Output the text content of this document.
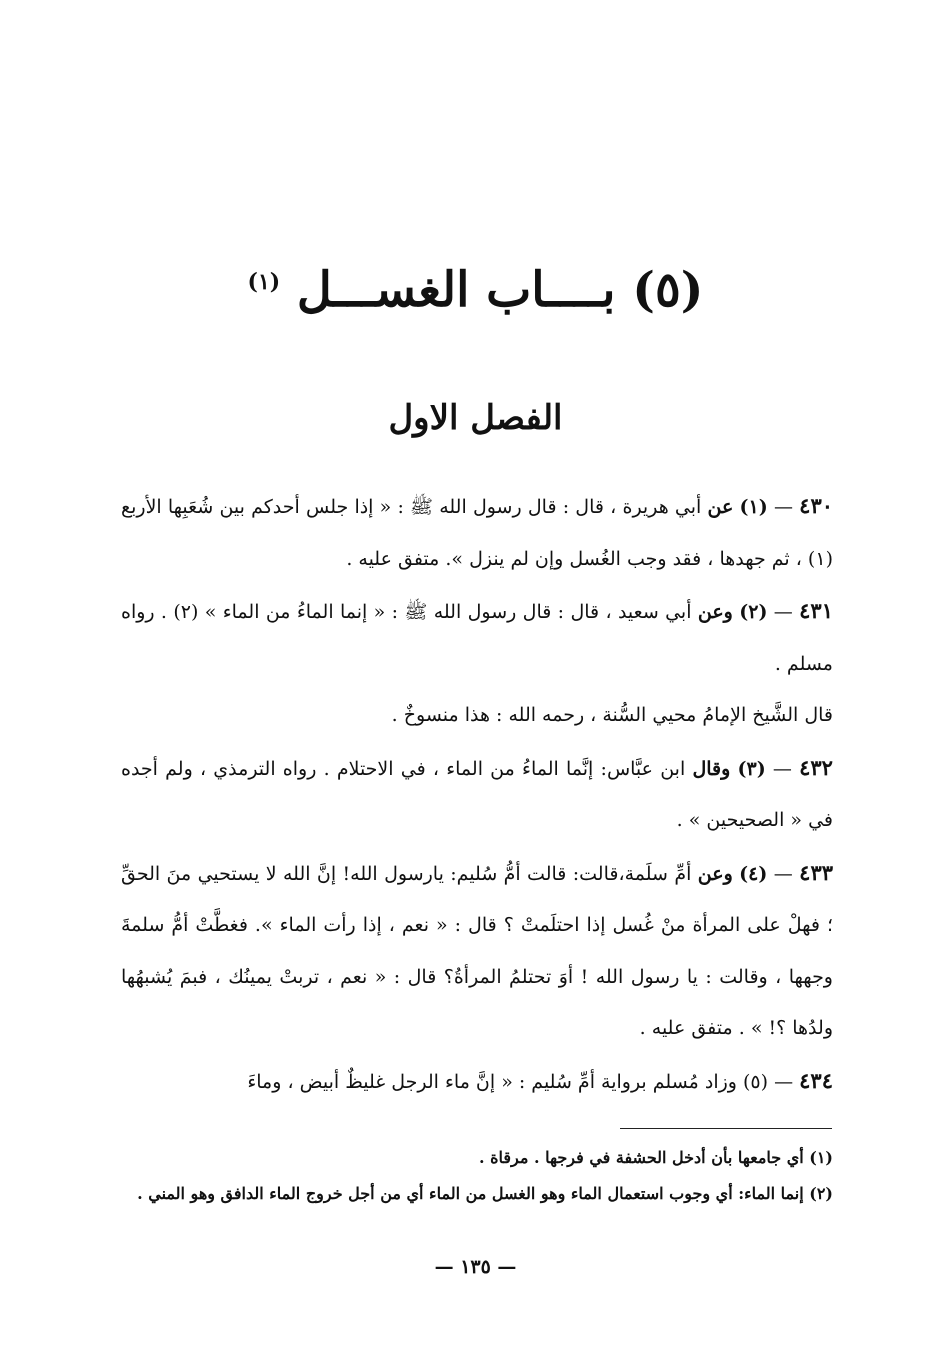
(٥) بــــاب الغســـل $^{(١)}$
الفصل الاول

٤٣٠ — (١) عن أبي هريرة ، قال : قال رسول الله ﷺ : « إذا جلس أحدكم بين شُعَبِها الأربع (١) ، ثم جهدها ، فقد وجب الغُسل وإن لم ينزل ». متفق عليه .

٤٣١ — (٢) وعن أبي سعيد ، قال : قال رسول الله ﷺ : « إنما الماءُ من الماء » (٢) . رواه مسلم .

قال الشَّيخ الإمامُ محيي السُّنة ، رحمه الله : هذا منسوخٌ .

٤٣٢ — (٣) وقال ابن عبَّاس: إنَّما الماءُ من الماء ، في الاحتلام . رواه الترمذي ، ولم أجده في « الصحيحين » .

٤٣٣ — (٤) وعن أمِّ سلَمة،قالت: قالت أمُّ سُليم: يارسول الله! إنَّ الله لا يستحيي منَ الحقِّ ؛ فهلْ على المرأة منْ غُسل إذا احتلَمتْ ؟ قال : « نعم ، إذا رأت الماء ». فغطَّتْ أمُّ سلمةَ وجهها ، وقالت : يا رسول الله ! أوَ تحتلمُ المرأةُ؟ قال : « نعم ، تربتْ يمينُك ، فبمَ يُشبهُها ولدُها ؟! » . متفق عليه .

٤٣٤ — (٥) وزاد مُسلم برواية أمِّ سُليم : « إنَّ ماء الرجل غليظٌ أبيض ، وماءَ

(١) أي جامعها بأن أدخل الحشفة في فرجها . مرقاة .

(٢) إنما الماء: أي وجوب استعمال الماء وهو الغسل من الماء أي من أجل خروج الماء الدافق وهو المني .

— ١٣٥ —
